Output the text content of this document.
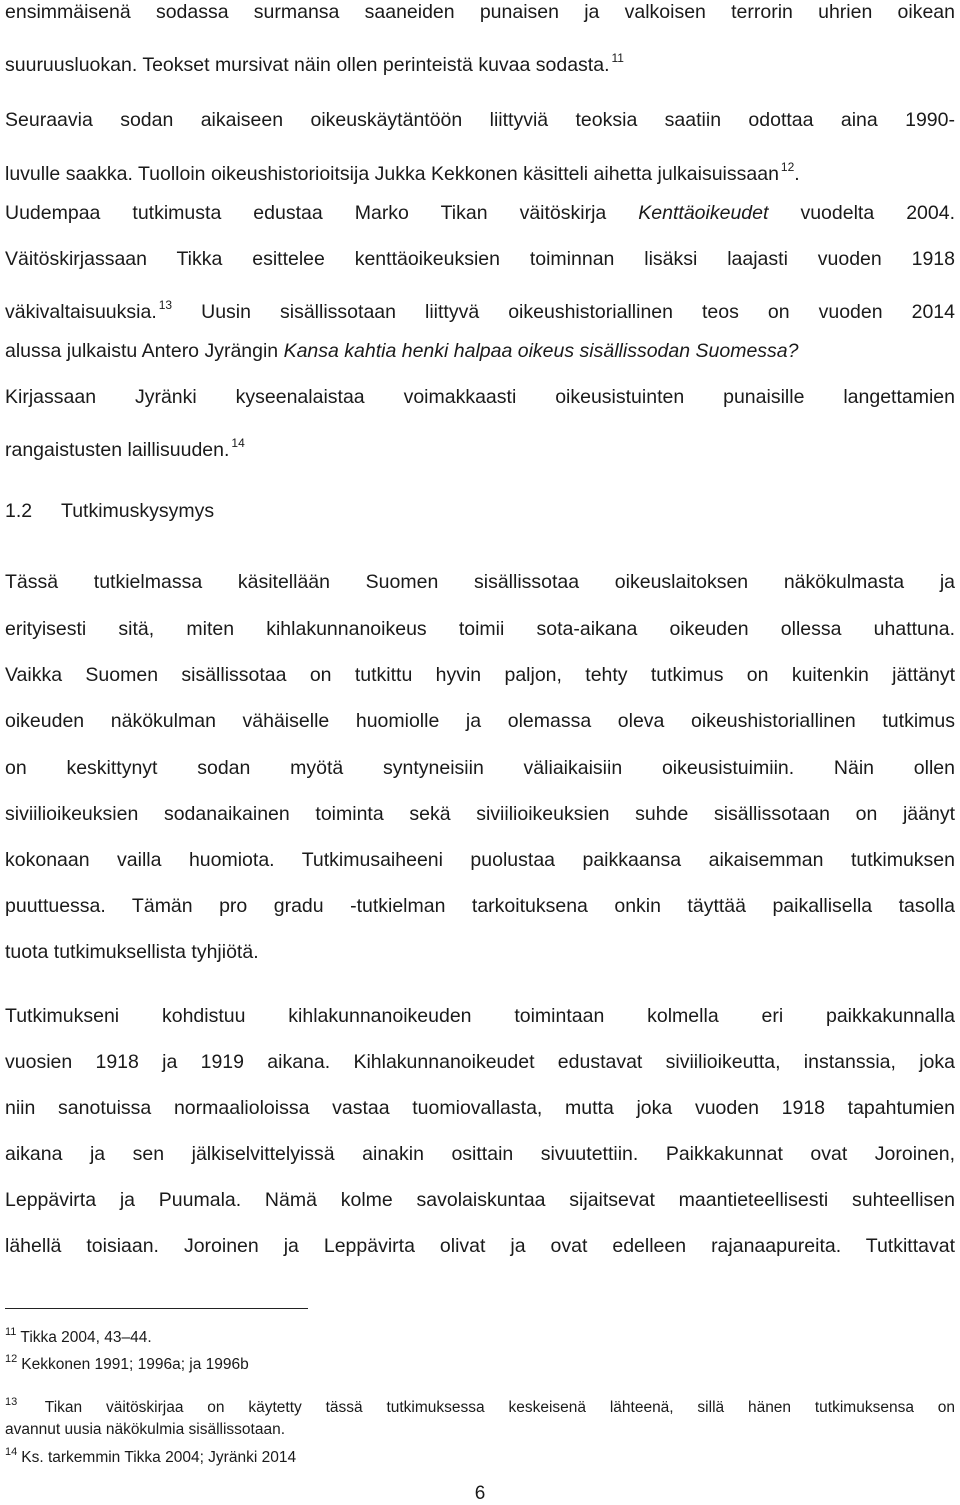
ensimmäisenä sodassa surmansa saaneiden punaisen ja valkoisen terrorin uhrien oikean
suuruusluokan. Teokset mursivat näin ollen perinteistä kuvaa sodasta. $^{11}$
Seuraavia sodan aikaiseen oikeuskäytäntöön liittyviä teoksia saatiin odottaa aina 1990-
luvulle saakka. Tuolloin oikeushistorioitsija Jukka Kekkonen käsitteli aihetta julkaisuissaan $^{12}$.
Uudempaa tutkimusta edustaa Marko Tikan väitöskirja Kenttäoikeudet vuodelta 2004.
Väitöskirjassaan Tikka esittelee kenttäoikeuksien toiminnan lisäksi laajasti vuoden 1918
väkivaltaisuuksia. $^{13}$ Uusin sisällissotaan liittyvä oikeushistoriallinen teos on vuoden 2014
alussa julkaistu Antero Jyrängin Kansa kahtia henki halpaa oikeus sisällissodan Suomessa?
Kirjassaan Jyränki kyseenalaistaa voimakkaasti oikeusistuinten punaisille langettamien
rangaistusten laillisuuden. $^{14}$
1.2 Tutkimuskysymys
Tässä tutkielmassa käsitellään Suomen sisällissotaa oikeuslaitoksen näkökulmasta ja
erityisesti sitä, miten kihlakunnanoikeus toimii sota-aikana oikeuden ollessa uhattuna.
Vaikka Suomen sisällissotaa on tutkittu hyvin paljon, tehty tutkimus on kuitenkin jättänyt
oikeuden näkökulman vähäiselle huomiolle ja olemassa oleva oikeushistoriallinen tutkimus
on keskittynyt sodan myötä syntyneisiin väliaikaisiin oikeusistuimiin. Näin ollen
siviilioikeuksien sodanaikainen toiminta sekä siviilioikeuksien suhde sisällissotaan on jäänyt
kokonaan vailla huomiota. Tutkimusaiheeni puolustaa paikkaansa aikaisemman tutkimuksen
puuttuessa. Tämän pro gradu -tutkielman tarkoituksena onkin täyttää paikallisella tasolla
tuota tutkimuksellista tyhjiötä.
Tutkimukseni kohdistuu kihlakunnanoikeuden toimintaan kolmella eri paikkakunnalla
vuosien 1918 ja 1919 aikana. Kihlakunnanoikeudet edustavat siviilioikeutta, instanssia, joka
niin sanotuissa normaalioloissa vastaa tuomiovallasta, mutta joka vuoden 1918 tapahtumien
aikana ja sen jälkiselvittelyissä ainakin osittain sivuutettiin. Paikkakunnat ovat Joroinen,
Leppävirta ja Puumala. Nämä kolme savolaiskuntaa sijaitsevat maantieteellisesti suhteellisen
lähellä toisiaan. Joroinen ja Leppävirta olivat ja ovat edelleen rajanaapureita. Tutkittavat
$^{11}$ Tikka 2004, 43–44.
$^{12}$ Kekkonen 1991; 1996a; ja 1996b
$^{13}$ Tikan väitöskirjaa on käytetty tässä tutkimuksessa keskeisenä lähteenä, sillä hänen tutkimuksensa on
avannut uusia näkökulmia sisällissotaan.
$^{14}$ Ks. tarkemmin Tikka 2004; Jyränki 2014
6
